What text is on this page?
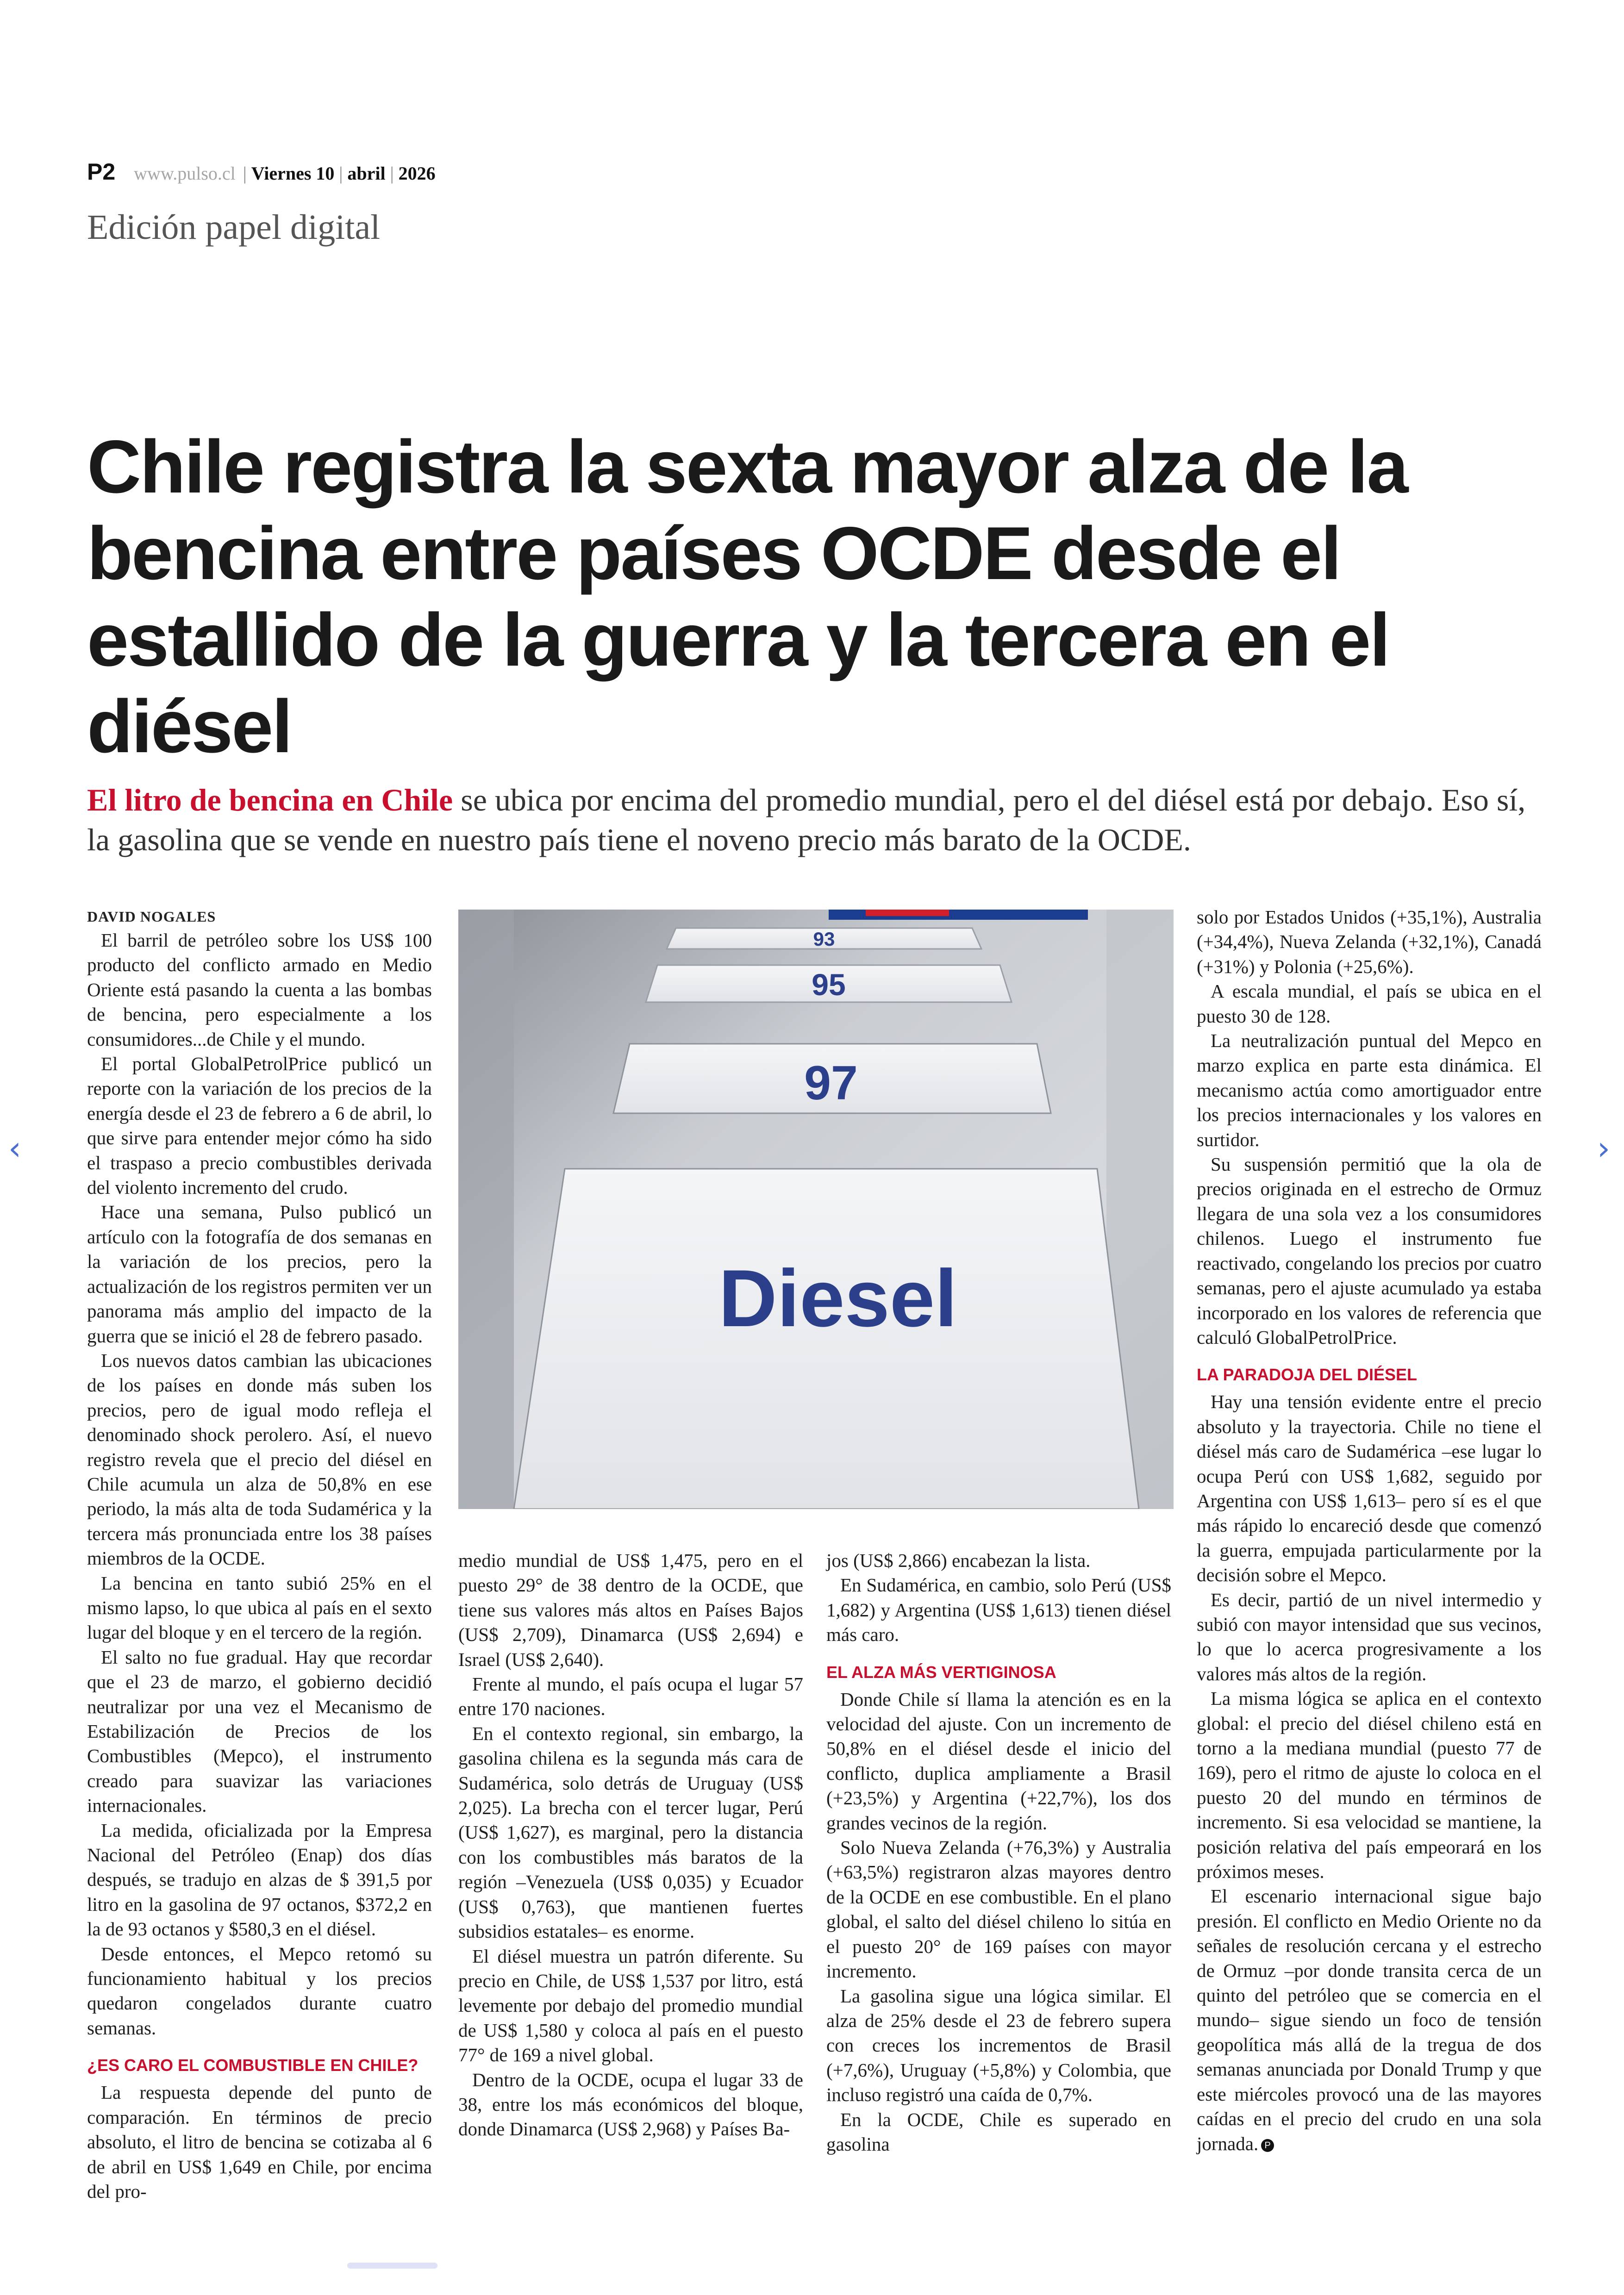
P2 www.pulso.cl | Viernes 10 | abril | 2026
Edición papel digital
Chile registra la sexta mayor alza de la bencina entre países OCDE desde el estallido de la guerra y la tercera en el diésel

El litro de bencina en Chile se ubica por encima del promedio mundial, pero el del diésel está por debajo. Eso sí, la gasolina que se vende en nuestro país tiene el noveno precio más barato de la OCDE.

DAVID NOGALES

El barril de petróleo sobre los US$ 100 producto del conflicto armado en Medio Oriente está pasando la cuenta a las bombas de bencina, pero especialmente a los consumidores...de Chile y el mundo.

El portal GlobalPetrolPrice publicó un reporte con la variación de los precios de la energía desde el 23 de febrero a 6 de abril, lo que sirve para entender mejor cómo ha sido el traspaso a precio combustibles derivada del violento incremento del crudo.

Hace una semana, Pulso publicó un artículo con la fotografía de dos semanas en la variación de los precios, pero la actualización de los registros permiten ver un panorama más amplio del impacto de la guerra que se inició el 28 de febrero pasado.

Los nuevos datos cambian las ubicaciones de los países en donde más suben los precios, pero de igual modo refleja el denominado shock perolero. Así, el nuevo registro revela que el precio del diésel en Chile acumula un alza de 50,8% en ese periodo, la más alta de toda Sudamérica y la tercera más pronunciada entre los 38 países miembros de la OCDE.

La bencina en tanto subió 25% en el mismo lapso, lo que ubica al país en el sexto lugar del bloque y en el tercero de la región.

El salto no fue gradual. Hay que recordar que el 23 de marzo, el gobierno decidió neutralizar por una vez el Mecanismo de Estabilización de Precios de los Combustibles (Mepco), el instrumento creado para suavizar las variaciones internacionales.

La medida, oficializada por la Empresa Nacional del Petróleo (Enap) dos días después, se tradujo en alzas de $ 391,5 por litro en la gasolina de 97 octanos, $372,2 en la de 93 octanos y $580,3 en el diésel.

Desde entonces, el Mepco retomó su funcionamiento habitual y los precios quedaron congelados durante cuatro semanas.

¿ES CARO EL COMBUSTIBLE EN CHILE?

La respuesta depende del punto de comparación. En términos de precio absoluto, el litro de bencina se cotizaba al 6 de abril en US$ 1,649 en Chile, por encima del pro-

93
95
97
Diesel

medio mundial de US$ 1,475, pero en el puesto 29° de 38 dentro de la OCDE, que tiene sus valores más altos en Países Bajos (US$ 2,709), Dinamarca (US$ 2,694) e Israel (US$ 2,640).

Frente al mundo, el país ocupa el lugar 57 entre 170 naciones.

En el contexto regional, sin embargo, la gasolina chilena es la segunda más cara de Sudamérica, solo detrás de Uruguay (US$ 2,025). La brecha con el tercer lugar, Perú (US$ 1,627), es marginal, pero la distancia con los combustibles más baratos de la región –Venezuela (US$ 0,035) y Ecuador (US$ 0,763), que mantienen fuertes subsidios estatales– es enorme.

El diésel muestra un patrón diferente. Su precio en Chile, de US$ 1,537 por litro, está levemente por debajo del promedio mundial de US$ 1,580 y coloca al país en el puesto 77° de 169 a nivel global.

Dentro de la OCDE, ocupa el lugar 33 de 38, entre los más económicos del bloque, donde Dinamarca (US$ 2,968) y Países Ba-

jos (US$ 2,866) encabezan la lista.

En Sudamérica, en cambio, solo Perú (US$ 1,682) y Argentina (US$ 1,613) tienen diésel más caro.

EL ALZA MÁS VERTIGINOSA

Donde Chile sí llama la atención es en la velocidad del ajuste. Con un incremento de 50,8% en el diésel desde el inicio del conflicto, duplica ampliamente a Brasil (+23,5%) y Argentina (+22,7%), los dos grandes vecinos de la región.

Solo Nueva Zelanda (+76,3%) y Australia (+63,5%) registraron alzas mayores dentro de la OCDE en ese combustible. En el plano global, el salto del diésel chileno lo sitúa en el puesto 20° de 169 países con mayor incremento.

La gasolina sigue una lógica similar. El alza de 25% desde el 23 de febrero supera con creces los incrementos de Brasil (+7,6%), Uruguay (+5,8%) y Colombia, que incluso registró una caída de 0,7%.

En la OCDE, Chile es superado en gasolina

solo por Estados Unidos (+35,1%), Australia (+34,4%), Nueva Zelanda (+32,1%), Canadá (+31%) y Polonia (+25,6%).

A escala mundial, el país se ubica en el puesto 30 de 128.

La neutralización puntual del Mepco en marzo explica en parte esta dinámica. El mecanismo actúa como amortiguador entre los precios internacionales y los valores en surtidor.

Su suspensión permitió que la ola de precios originada en el estrecho de Ormuz llegara de una sola vez a los consumidores chilenos. Luego el instrumento fue reactivado, congelando los precios por cuatro semanas, pero el ajuste acumulado ya estaba incorporado en los valores de referencia que calculó GlobalPetrolPrice.

LA PARADOJA DEL DIÉSEL

Hay una tensión evidente entre el precio absoluto y la trayectoria. Chile no tiene el diésel más caro de Sudamérica –ese lugar lo ocupa Perú con US$ 1,682, seguido por Argentina con US$ 1,613– pero sí es el que más rápido lo encareció desde que comenzó la guerra, empujada particularmente por la decisión sobre el Mepco.

Es decir, partió de un nivel intermedio y subió con mayor intensidad que sus vecinos, lo que lo acerca progresivamente a los valores más altos de la región.

La misma lógica se aplica en el contexto global: el precio del diésel chileno está en torno a la mediana mundial (puesto 77 de 169), pero el ritmo de ajuste lo coloca en el puesto 20 del mundo en términos de incremento. Si esa velocidad se mantiene, la posición relativa del país empeorará en los próximos meses.

El escenario internacional sigue bajo presión. El conflicto en Medio Oriente no da señales de resolución cercana y el estrecho de Ormuz –por donde transita cerca de un quinto del petróleo que se comercia en el mundo– sigue siendo un foco de tensión geopolítica más allá de la tregua de dos semanas anunciada por Donald Trump y que este miércoles provocó una de las mayores caídas en el precio del crudo en una sola jornada. P

‹	›
